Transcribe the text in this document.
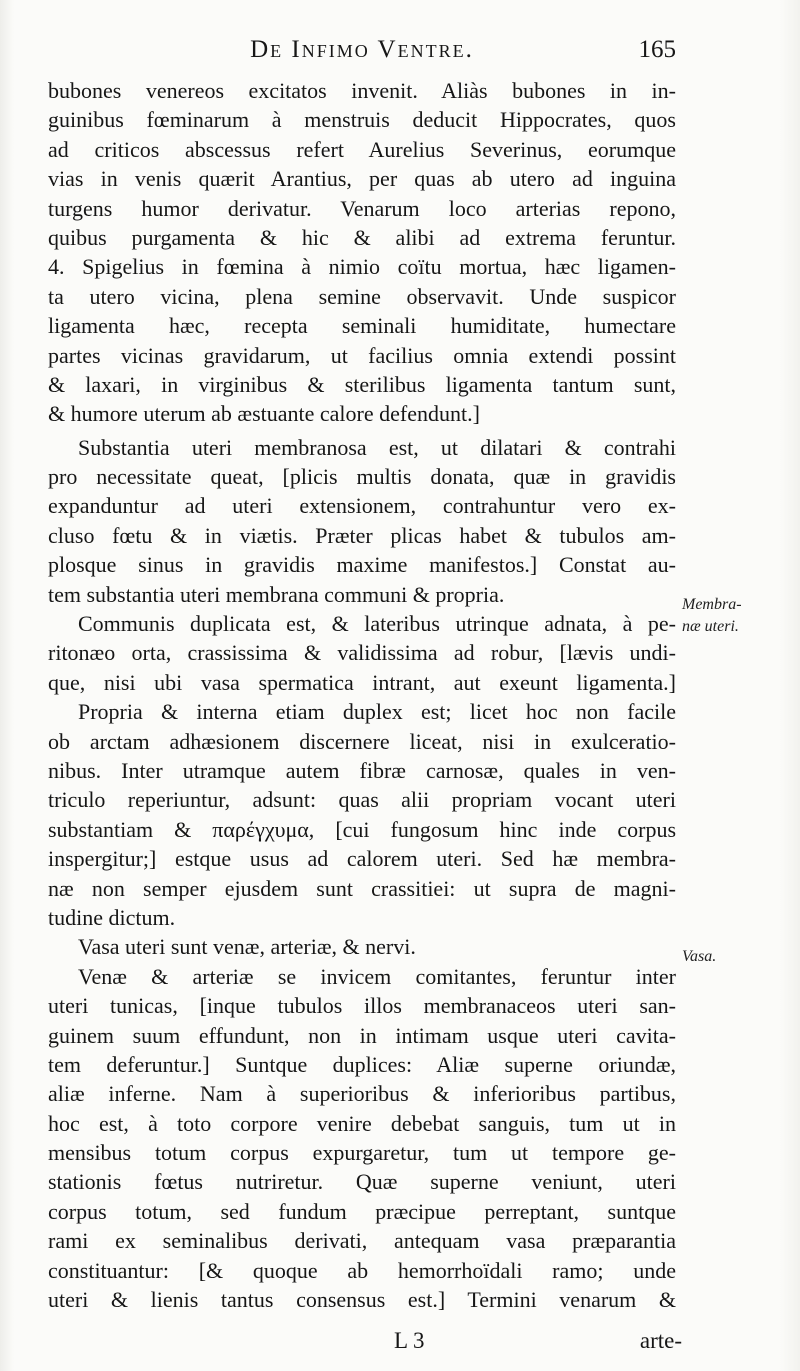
De Infimo Ventre.	165
bubones venereos excitatos invenit. Aliàs bubones in in-
guinibus fœminarum à menstruis deducit Hippocrates, quos
ad criticos abscessus refert Aurelius Severinus, eorumque
vias in venis quærit Arantius, per quas ab utero ad inguina
turgens humor derivatur. Venarum loco arterias repono,
quibus purgamenta & hic & alibi ad extrema feruntur.
4. Spigelius in fœmina à nimio coïtu mortua, hæc ligamen-
ta utero vicina, plena semine observavit. Unde suspicor
ligamenta hæc, recepta seminali humiditate, humectare
partes vicinas gravidarum, ut facilius omnia extendi possint
& laxari, in virginibus & sterilibus ligamenta tantum sunt,
& humore uterum ab æstuante calore defendunt.]
Substantia uteri membranosa est, ut dilatari & contrahi
pro necessitate queat, [plicis multis donata, quæ in gravidis
expanduntur ad uteri extensionem, contrahuntur vero ex-
cluso fœtu & in viætis. Præter plicas habet & tubulos am-
plosque sinus in gravidis maxime manifestos.] Constat au-
tem substantia uteri membrana communi & propria.
Communis duplicata est, & lateribus utrinque adnata, à pe-
ritonæo orta, crassissima & validissima ad robur, [lævis undi-
que, nisi ubi vasa spermatica intrant, aut exeunt ligamenta.]
Propria & interna etiam duplex est; licet hoc non facile
ob arctam adhæsionem discernere liceat, nisi in exulceratio-
nibus. Inter utramque autem fibræ carnosæ, quales in ven-
triculo reperiuntur, adsunt: quas alii propriam vocant uteri
substantiam & παρέγχυμα, [cui fungosum hinc inde corpus
inspergitur;] estque usus ad calorem uteri. Sed hæ membra-
næ non semper ejusdem sunt crassitiei: ut supra de magni-
tudine dictum.
Vasa uteri sunt venæ, arteriæ, & nervi.
Venæ & arteriæ se invicem comitantes, feruntur inter
uteri tunicas, [inque tubulos illos membranaceos uteri san-
guinem suum effundunt, non in intimam usque uteri cavita-
tem deferuntur.] Suntque duplices: Aliæ superne oriundæ,
aliæ inferne. Nam à superioribus & inferioribus partibus,
hoc est, à toto corpore venire debebat sanguis, tum ut in
mensibus totum corpus expurgaretur, tum ut tempore ge-
stationis fœtus nutriretur. Quæ superne veniunt, uteri
corpus totum, sed fundum præcipue perreptant, suntque
rami ex seminalibus derivati, antequam vasa præparantia
constituantur: [& quoque ab hemorrhoïdali ramo; unde
uteri & lienis tantus consensus est.] Termini venarum &
Membra-
næ uteri.
Vasa.
L 3	arte-
